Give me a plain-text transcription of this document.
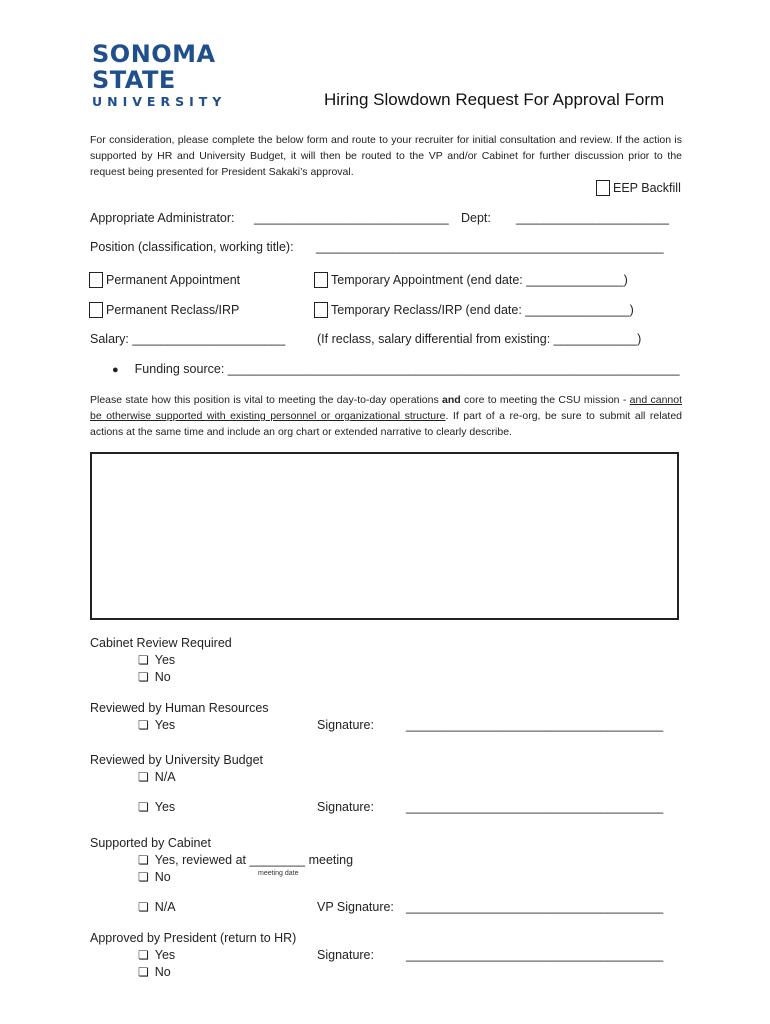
SONOMA
STATE
UNIVERSITY	Hiring Slowdown Request For Approval Form
For consideration, please complete the below form and route to your recruiter for initial consultation and review. If the action is supported by HR and University Budget, it will then be routed to the VP and/or Cabinet for further discussion prior to the request being presented for President Sakaki’s approval.
EEP Backfill
Appropriate Administrator: ____________________________ Dept: ______________________
Position (classification, working title): __________________________________________________
Permanent Appointment	Temporary Appointment (end date: ______________)
Permanent Reclass/IRP	Temporary Reclass/IRP (end date: _______________)
Salary: ______________________	(If reclass, salary differential from existing: ____________)
● Funding source: _________________________________________________________________
Please state how this position is vital to meeting the day-to-day operations and core to meeting the CSU mission - and cannot be otherwise supported with existing personnel or organizational structure. If part of a re-org, be sure to submit all related actions at the same time and include an org chart or extended narrative to clearly describe.
Cabinet Review Required
❏ Yes
❏ No
Reviewed by Human Resources
❏ Yes	Signature:	_____________________________________
Reviewed by University Budget
❏ N/A
❏ Yes	Signature:	_____________________________________
Supported by Cabinet
❏ Yes, reviewed at ________ meeting
meeting date
❏ No
❏ N/A	VP Signature: _____________________________________
Approved by President (return to HR)
❏ Yes	Signature:	_____________________________________
❏ No
